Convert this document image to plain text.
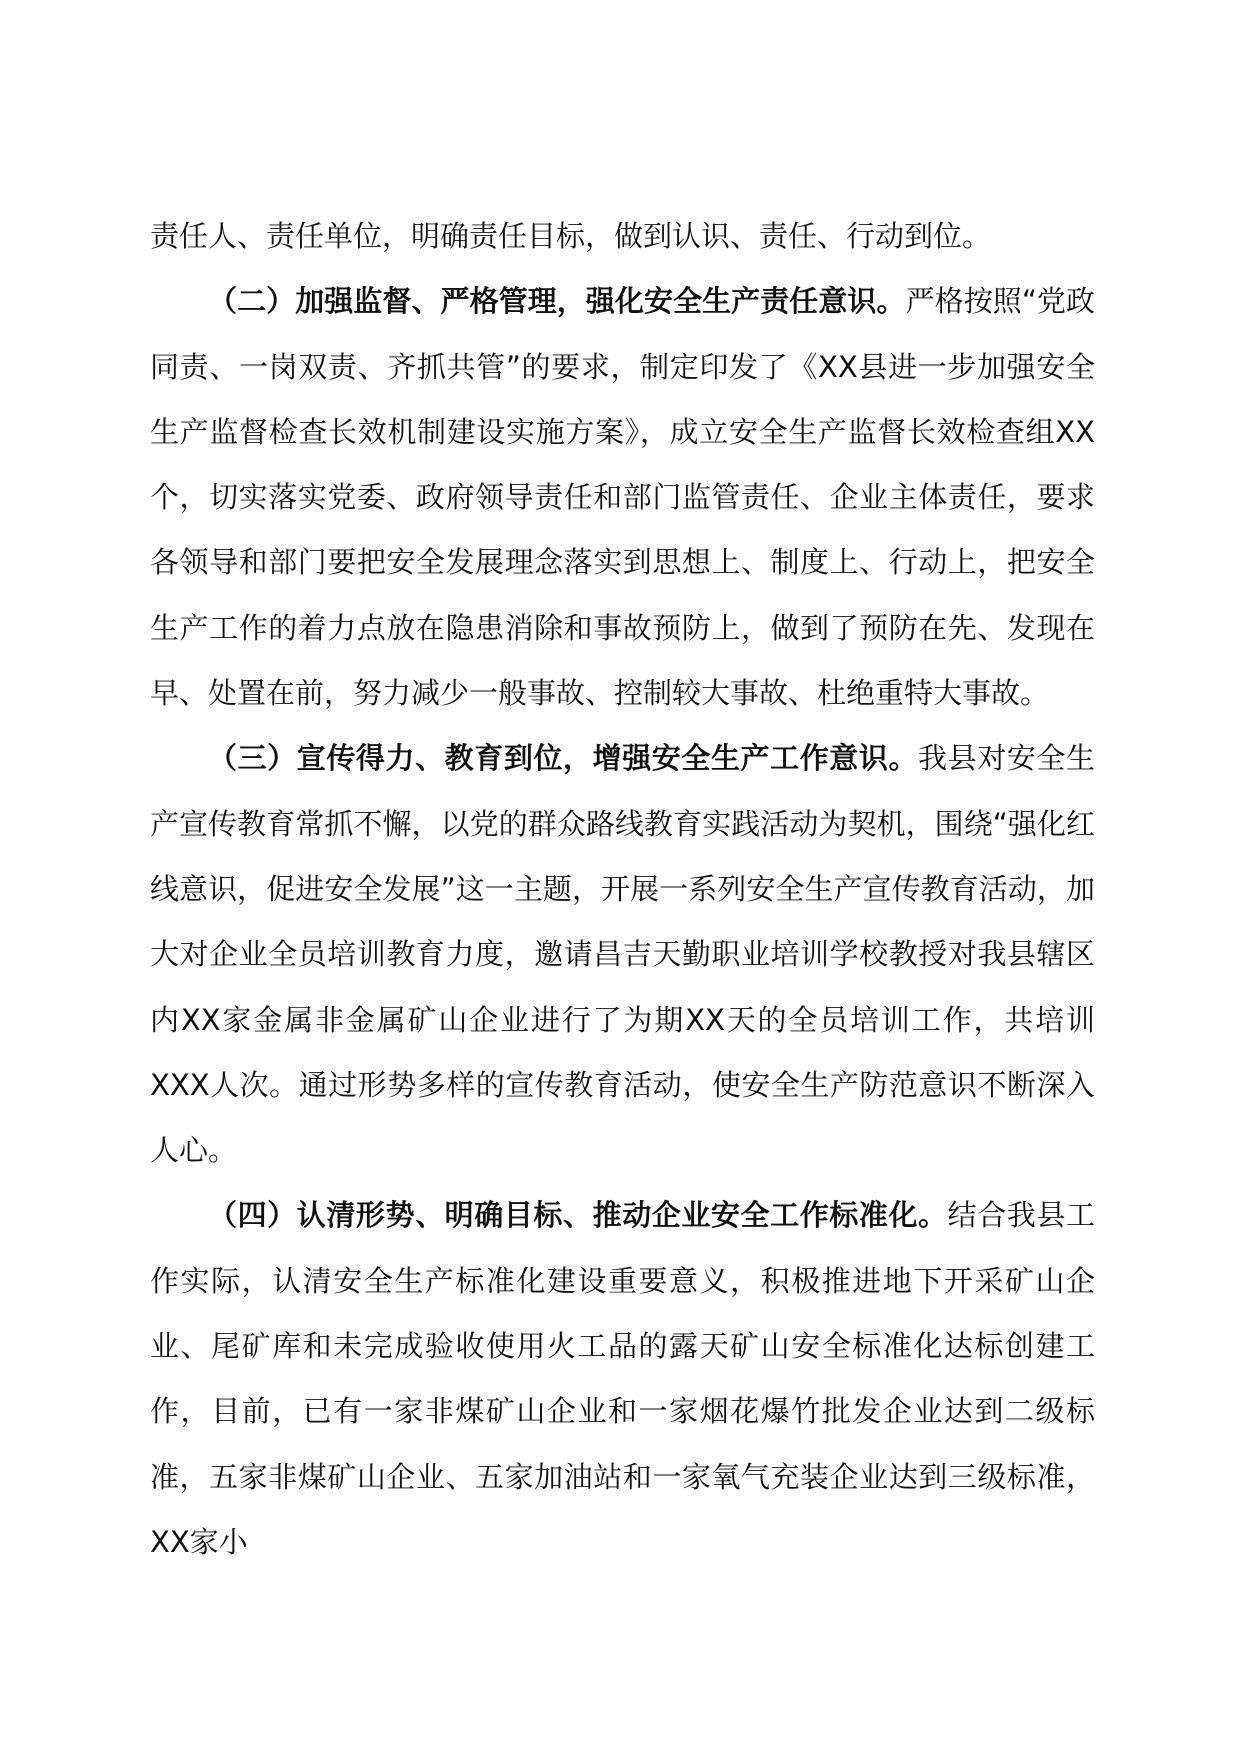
责任人、责任单位，明确责任目标，做到认识、责任、行动到位。

（二）加强监督、严格管理，强化安全生产责任意识。严格按照“党政同责、一岗双责、齐抓共管”的要求，制定印发了《XX县进一步加强安全生产监督检查长效机制建设实施方案》，成立安全生产监督长效检查组XX个，切实落实党委、政府领导责任和部门监管责任、企业主体责任，要求各领导和部门要把安全发展理念落实到思想上、制度上、行动上，把安全生产工作的着力点放在隐患消除和事故预防上，做到了预防在先、发现在早、处置在前，努力减少一般事故、控制较大事故、杜绝重特大事故。

（三）宣传得力、教育到位，增强安全生产工作意识。我县对安全生产宣传教育常抓不懈，以党的群众路线教育实践活动为契机，围绕“强化红线意识，促进安全发展”这一主题，开展一系列安全生产宣传教育活动，加大对企业全员培训教育力度，邀请昌吉天勤职业培训学校教授对我县辖区内XX家金属非金属矿山企业进行了为期XX天的全员培训工作，共培训XXX人次。通过形势多样的宣传教育活动，使安全生产防范意识不断深入人心。

（四）认清形势、明确目标、推动企业安全工作标准化。结合我县工作实际，认清安全生产标准化建设重要意义，积极推进地下开采矿山企业、尾矿库和未完成验收使用火工品的露天矿山安全标准化达标创建工作，目前，已有一家非煤矿山企业和一家烟花爆竹批发企业达到二级标准，五家非煤矿山企业、五家加油站和一家氧气充装企业达到三级标准，XX家小
